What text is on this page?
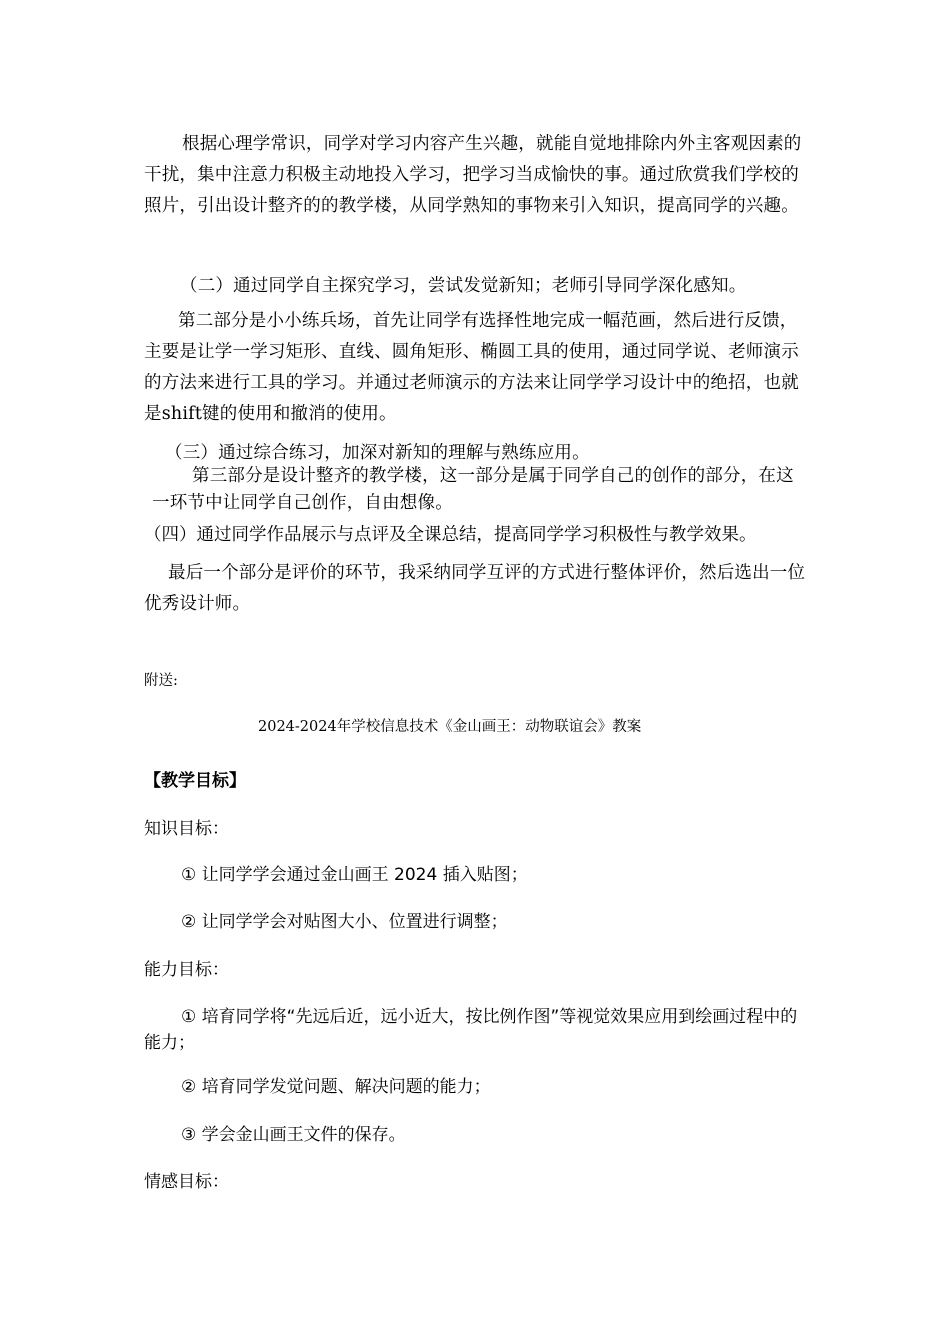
根据心理学常识，同学对学习内容产生兴趣，就能自觉地排除内外主客观因素的干扰，集中注意力积极主动地投入学习，把学习当成愉快的事。通过欣赏我们学校的照片，引出设计整齐的的教学楼，从同学熟知的事物来引入知识，提高同学的兴趣。

（二）通过同学自主探究学习，尝试发觉新知；老师引导同学深化感知。

第二部分是小小练兵场，首先让同学有选择性地完成一幅范画，然后进行反馈，主要是让学一学习矩形、直线、圆角矩形、椭圆工具的使用，通过同学说、老师演示的方法来进行工具的学习。并通过老师演示的方法来让同学学习设计中的绝招，也就是shift键的使用和撤消的使用。

（三）通过综合练习，加深对新知的理解与熟练应用。

第三部分是设计整齐的教学楼，这一部分是属于同学自己的创作的部分，在这一环节中让同学自己创作，自由想像。

（四）通过同学作品展示与点评及全课总结，提高同学学习积极性与教学效果。

最后一个部分是评价的环节，我采纳同学互评的方式进行整体评价，然后选出一位优秀设计师。

附送:
2024-2024年学校信息技术《金山画王：动物联谊会》教案
【教学目标】
知识目标：
① 让同学学会通过金山画王 2024 插入贴图；
② 让同学学会对贴图大小、位置进行调整；
能力目标：

① 培育同学将“先远后近，远小近大，按比例作图”等视觉效果应用到绘画过程中的能力；

② 培育同学发觉问题、解决问题的能力；
③ 学会金山画王文件的保存。
情感目标：
